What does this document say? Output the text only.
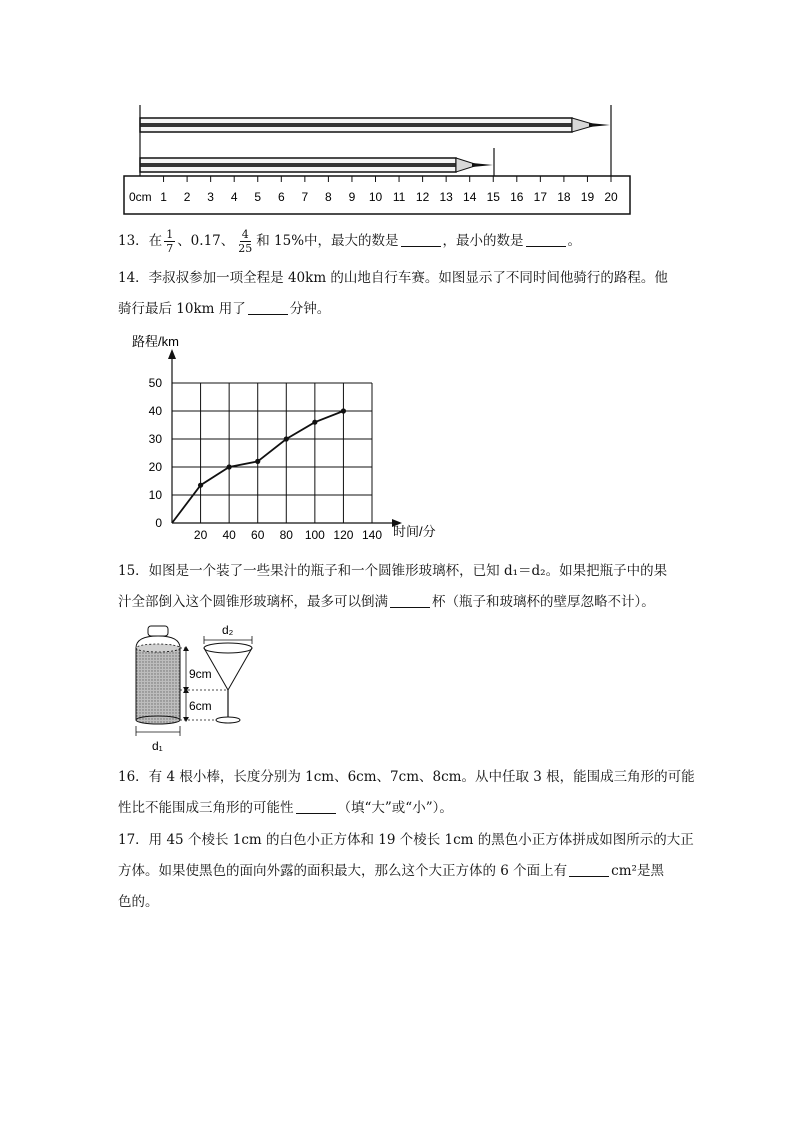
1 2 3 4 5 6 7 8 9 10 11 12 13 14 15 16 17 18 19 20
0cm
13．在 $\frac{1}{7}$ 、0.17、 $\frac{4}{25}$ 和 15%中，最大的数是	，最小的数是	。
14．李叔叔参加一项全程是 40km 的山地自行车赛。如图显示了不同时间他骑行的路程。他
骑行最后 10km 用了	分钟。
0
10
20
30
40
50
20 40 60 80 100 120 140
路程/km
时间/分
15．如图是一个装了一些果汁的瓶子和一个圆锥形玻璃杯，已知 d₁＝d₂。如果把瓶子中的果
汁全部倒入这个圆锥形玻璃杯，最多可以倒满	杯（瓶子和玻璃杯的壁厚忽略不计）。
9cm
6cm
d₂
d₁
16．有 4 根小棒，长度分别为 1cm、6cm、7cm、8cm。从中任取 3 根，能围成三角形的可能
性比不能围成三角形的可能性	（填“大”或“小”）。
17．用 45 个棱长 1cm 的白色小正方体和 19 个棱长 1cm 的黑色小正方体拼成如图所示的大正
方体。如果使黑色的面向外露的面积最大，那么这个大正方体的 6 个面上有	cm²是黑
色的。
